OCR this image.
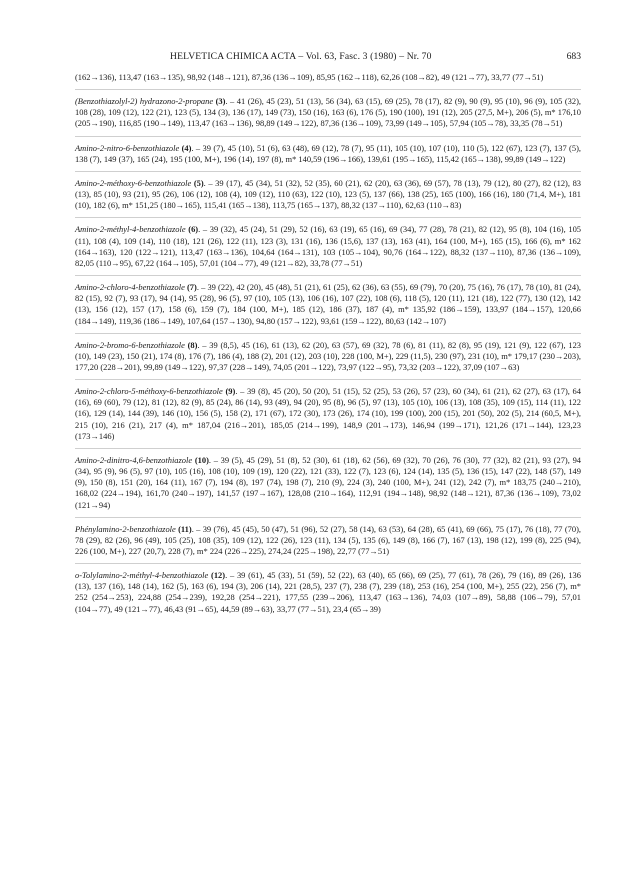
HELVETICA CHIMICA ACTA – Vol. 63, Fasc. 3 (1980) – Nr. 70	683

(162→136), 113,47 (163→135), 98,92 (148→121), 87,36 (136→109), 85,95 (162→118), 62,26 (108→82), 49 (121→77), 33,77 (77→51)

(Benzothiazolyl-2) hydrazono-2-propane (3). – 41 (26), 45 (23), 51 (13), 56 (34), 63 (15), 69 (25), 78 (17), 82 (9), 90 (9), 95 (10), 96 (9), 105 (32), 108 (28), 109 (12), 122 (21), 123 (5), 134 (3), 136 (17), 149 (73), 150 (16), 163 (6), 176 (5), 190 (100), 191 (12), 205 (27,5, M+), 206 (5), m* 176,10 (205→190), 116,85 (190→149), 113,47 (163→136), 98,89 (149→122), 87,36 (136→109), 73,99 (149→105), 57,94 (105→78), 33,35 (78→51)

Amino-2-nitro-6-benzothiazole (4). – 39 (7), 45 (10), 51 (6), 63 (48), 69 (12), 78 (7), 95 (11), 105 (10), 107 (10), 110 (5), 122 (67), 123 (7), 137 (5), 138 (7), 149 (37), 165 (24), 195 (100, M+), 196 (14), 197 (8), m* 140,59 (196→166), 139,61 (195→165), 115,42 (165→138), 99,89 (149→122)

Amino-2-méthoxy-6-benzothiazole (5). – 39 (17), 45 (34), 51 (32), 52 (35), 60 (21), 62 (20), 63 (36), 69 (57), 78 (13), 79 (12), 80 (27), 82 (12), 83 (13), 85 (10), 93 (21), 95 (26), 106 (12), 108 (4), 109 (12), 110 (63), 122 (10), 123 (5), 137 (66), 138 (25), 165 (100), 166 (16), 180 (71,4, M+), 181 (10), 182 (6), m* 151,25 (180→165), 115,41 (165→138), 113,75 (165→137), 88,32 (137→110), 62,63 (110→83)

Amino-2-méthyl-4-benzothiazole (6). – 39 (32), 45 (24), 51 (29), 52 (16), 63 (19), 65 (16), 69 (34), 77 (28), 78 (21), 82 (12), 95 (8), 104 (16), 105 (11), 108 (4), 109 (14), 110 (18), 121 (26), 122 (11), 123 (3), 131 (16), 136 (15,6), 137 (13), 163 (41), 164 (100, M+), 165 (15), 166 (6), m* 162 (164→163), 120 (122→121), 113,47 (163→136), 104,64 (164→131), 103 (105→104), 90,76 (164→122), 88,32 (137→110), 87,36 (136→109), 82,05 (110→95), 67,22 (164→105), 57,01 (104→77), 49 (121→82), 33,78 (77→51)

Amino-2-chloro-4-benzothiazole (7). – 39 (22), 42 (20), 45 (48), 51 (21), 61 (25), 62 (36), 63 (55), 69 (79), 70 (20), 75 (16), 76 (17), 78 (10), 81 (24), 82 (15), 92 (7), 93 (17), 94 (14), 95 (28), 96 (5), 97 (10), 105 (13), 106 (16), 107 (22), 108 (6), 118 (5), 120 (11), 121 (18), 122 (77), 130 (12), 142 (13), 156 (12), 157 (17), 158 (6), 159 (7), 184 (100, M+), 185 (12), 186 (37), 187 (4), m* 135,92 (186→159), 133,97 (184→157), 120,66 (184→149), 119,36 (186→149), 107,64 (157→130), 94,80 (157→122), 93,61 (159→122), 80,63 (142→107)

Amino-2-bromo-6-benzothiazole (8). – 39 (8,5), 45 (16), 61 (13), 62 (20), 63 (57), 69 (32), 78 (6), 81 (11), 82 (8), 95 (19), 121 (9), 122 (67), 123 (10), 149 (23), 150 (21), 174 (8), 176 (7), 186 (4), 188 (2), 201 (12), 203 (10), 228 (100, M+), 229 (11,5), 230 (97), 231 (10), m* 179,17 (230→203), 177,20 (228→201), 99,89 (149→122), 97,37 (228→149), 74,05 (201→122), 73,97 (122→95), 73,32 (203→122), 37,09 (107→63)

Amino-2-chloro-5-méthoxy-6-benzothiazole (9). – 39 (8), 45 (20), 50 (20), 51 (15), 52 (25), 53 (26), 57 (23), 60 (34), 61 (21), 62 (27), 63 (17), 64 (16), 69 (60), 79 (12), 81 (12), 82 (9), 85 (24), 86 (14), 93 (49), 94 (20), 95 (8), 96 (5), 97 (13), 105 (10), 106 (13), 108 (35), 109 (15), 114 (11), 122 (16), 129 (14), 144 (39), 146 (10), 156 (5), 158 (2), 171 (67), 172 (30), 173 (26), 174 (10), 199 (100), 200 (15), 201 (50), 202 (5), 214 (60,5, M+), 215 (10), 216 (21), 217 (4), m* 187,04 (216→201), 185,05 (214→199), 148,9 (201→173), 146,94 (199→171), 121,26 (171→144), 123,23 (173→146)

Amino-2-dinitro-4,6-benzothiazole (10). – 39 (5), 45 (29), 51 (8), 52 (30), 61 (18), 62 (56), 69 (32), 70 (26), 76 (30), 77 (32), 82 (21), 93 (27), 94 (34), 95 (9), 96 (5), 97 (10), 105 (16), 108 (10), 109 (19), 120 (22), 121 (33), 122 (7), 123 (6), 124 (14), 135 (5), 136 (15), 147 (22), 148 (57), 149 (9), 150 (8), 151 (20), 164 (11), 167 (7), 194 (8), 197 (74), 198 (7), 210 (9), 224 (3), 240 (100, M+), 241 (12), 242 (7), m* 183,75 (240→210), 168,02 (224→194), 161,70 (240→197), 141,57 (197→167), 128,08 (210→164), 112,91 (194→148), 98,92 (148→121), 87,36 (136→109), 73,02 (121→94)

Phénylamino-2-benzothiazole (11). – 39 (76), 45 (45), 50 (47), 51 (96), 52 (27), 58 (14), 63 (53), 64 (28), 65 (41), 69 (66), 75 (17), 76 (18), 77 (70), 78 (29), 82 (26), 96 (49), 105 (25), 108 (35), 109 (12), 122 (26), 123 (11), 134 (5), 135 (6), 149 (8), 166 (7), 167 (13), 198 (12), 199 (8), 225 (94), 226 (100, M+), 227 (20,7), 228 (7), m* 224 (226→225), 274,24 (225→198), 22,77 (77→51)

o-Tolylamino-2-méthyl-4-benzothiazole (12). – 39 (61), 45 (33), 51 (59), 52 (22), 63 (40), 65 (66), 69 (25), 77 (61), 78 (26), 79 (16), 89 (26), 136 (13), 137 (16), 148 (14), 162 (5), 163 (6), 194 (3), 206 (14), 221 (28,5), 237 (7), 238 (7), 239 (18), 253 (16), 254 (100, M+), 255 (22), 256 (7), m* 252 (254→253), 224,88 (254→239), 192,28 (254→221), 177,55 (239→206), 113,47 (163→136), 74,03 (107→89), 58,88 (106→79), 57,01 (104→77), 49 (121→77), 46,43 (91→65), 44,59 (89→63), 33,77 (77→51), 23,4 (65→39)
